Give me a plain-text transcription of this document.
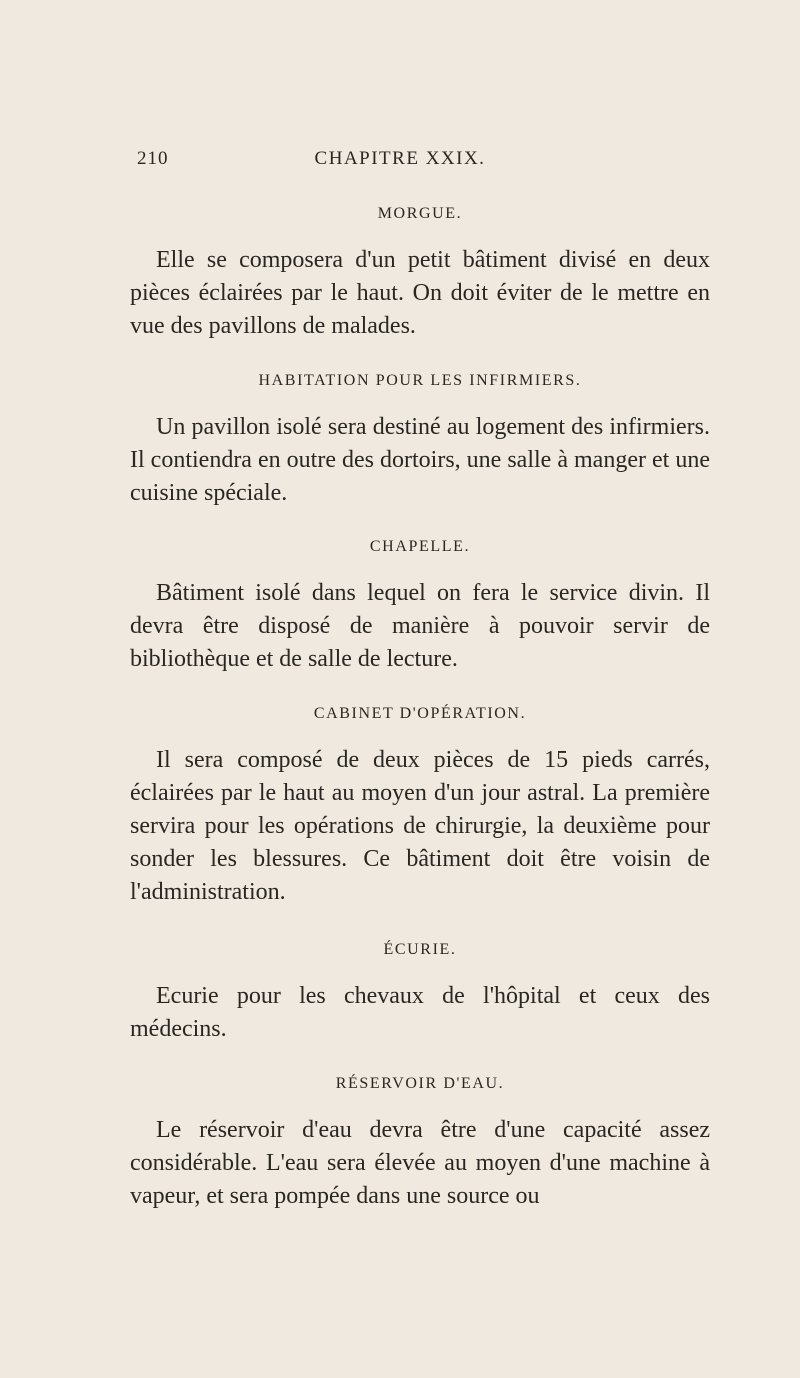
210	CHAPITRE XXIX.
MORGUE.

Elle se composera d'un petit bâtiment divisé en deux pièces éclairées par le haut. On doit éviter de le mettre en vue des pavillons de malades.

HABITATION POUR LES INFIRMIERS.

Un pavillon isolé sera destiné au logement des infirmiers. Il contiendra en outre des dortoirs, une salle à manger et une cuisine spéciale.

CHAPELLE.

Bâtiment isolé dans lequel on fera le service divin. Il devra être disposé de manière à pouvoir servir de bibliothèque et de salle de lecture.

CABINET D'OPÉRATION.

Il sera composé de deux pièces de 15 pieds carrés, éclairées par le haut au moyen d'un jour astral. La première servira pour les opérations de chirurgie, la deuxième pour sonder les blessures. Ce bâtiment doit être voisin de l'administration.

ÉCURIE.

Ecurie pour les chevaux de l'hôpital et ceux des médecins.

RÉSERVOIR D'EAU.

Le réservoir d'eau devra être d'une capacité assez considérable. L'eau sera élevée au moyen d'une machine à vapeur, et sera pompée dans une source ou
